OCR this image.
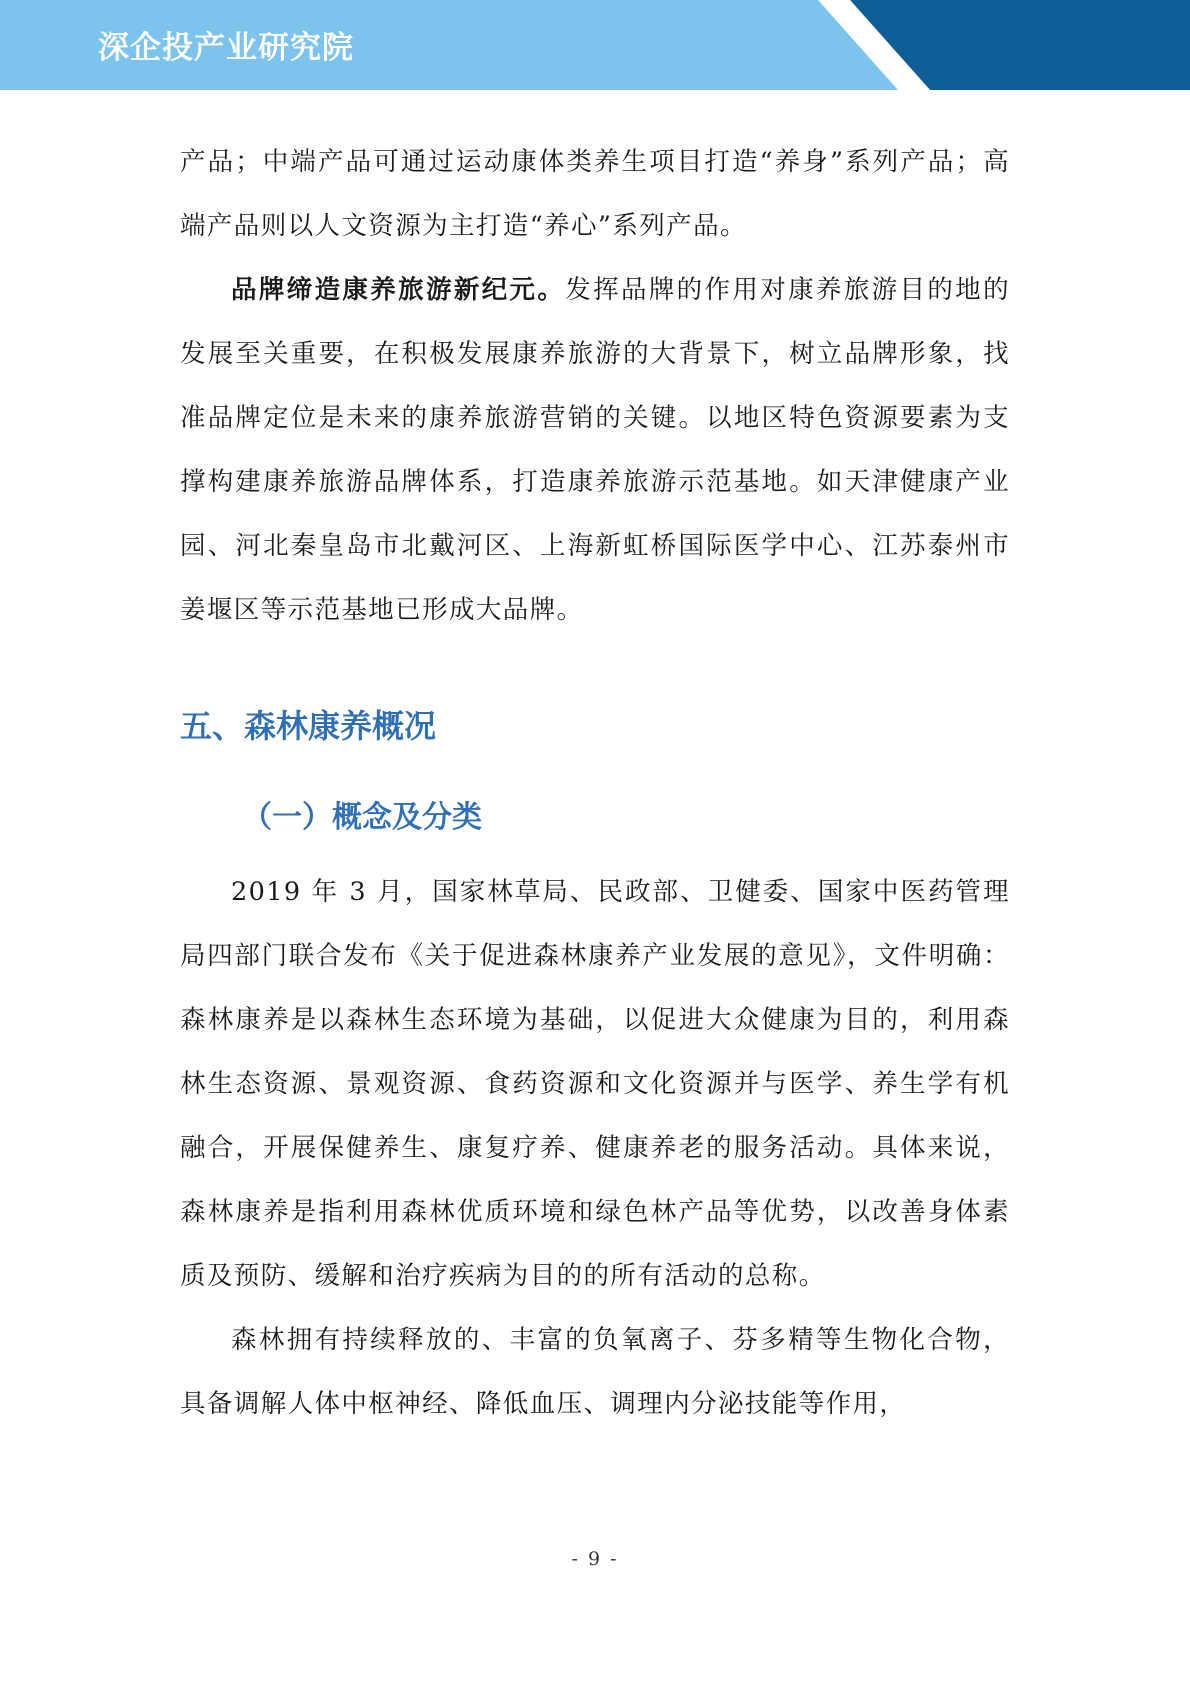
深企投产业研究院

产品；中端产品可通过运动康体类养生项目打造“养身”系列产品；高端产品则以人文资源为主打造“养心”系列产品。

品牌缔造康养旅游新纪元。发挥品牌的作用对康养旅游目的地的发展至关重要，在积极发展康养旅游的大背景下，树立品牌形象，找准品牌定位是未来的康养旅游营销的关键。以地区特色资源要素为支撑构建康养旅游品牌体系，打造康养旅游示范基地。如天津健康产业园、河北秦皇岛市北戴河区、上海新虹桥国际医学中心、江苏泰州市姜堰区等示范基地已形成大品牌。

五、森林康养概况
（一）概念及分类

2019 年 3 月，国家林草局、民政部、卫健委、国家中医药管理局四部门联合发布《关于促进森林康养产业发展的意见》，文件明确：森林康养是以森林生态环境为基础，以促进大众健康为目的，利用森林生态资源、景观资源、食药资源和文化资源并与医学、养生学有机融合，开展保健养生、康复疗养、健康养老的服务活动。具体来说，森林康养是指利用森林优质环境和绿色林产品等优势，以改善身体素质及预防、缓解和治疗疾病为目的的所有活动的总称。

森林拥有持续释放的、丰富的负氧离子、芬多精等生物化合物，具备调解人体中枢神经、降低血压、调理内分泌技能等作用，

- 9 -
